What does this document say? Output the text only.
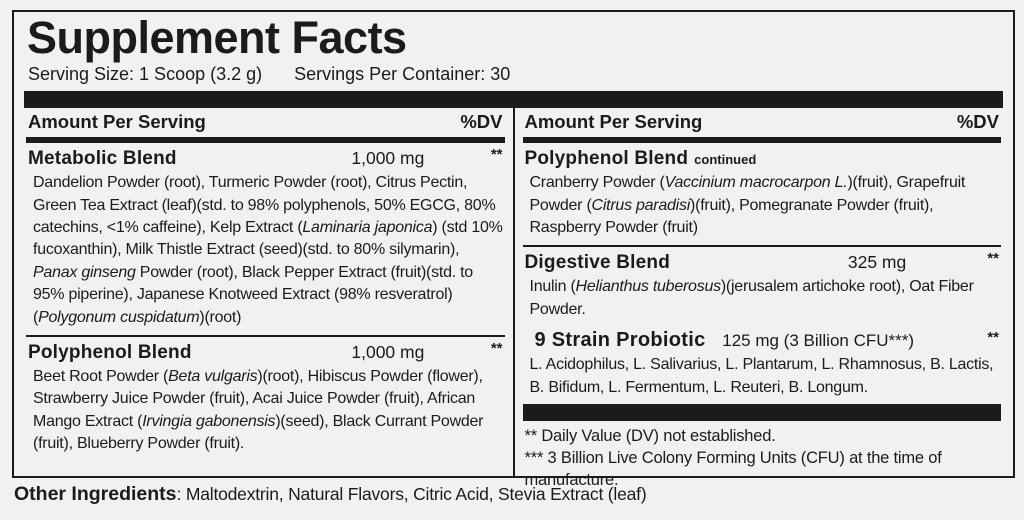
Supplement Facts
Serving Size: 1 Scoop (3.2 g) Servings Per Container: 30
Amount Per Serving	%DV
Metabolic Blend	1,000 mg	**

Dandelion Powder (root), Turmeric Powder (root), Citrus Pectin, Green Tea Extract (leaf)(std. to 98% polyphenols, 50% EGCG, 80% catechins, <1% caffeine), Kelp Extract (Laminaria japonica) (std 10% fucoxanthin), Milk Thistle Extract (seed)(std. to 80% silymarin), Panax ginseng Powder (root), Black Pepper Extract (fruit)(std. to 95% piperine), Japanese Knotweed Extract (98% resveratrol)(Polygonum cuspidatum)(root)

Polyphenol Blend	1,000 mg	**

Beet Root Powder (Beta vulgaris)(root), Hibiscus Powder (flower), Strawberry Juice Powder (fruit), Acai Juice Powder (fruit), African Mango Extract (Irvingia gabonensis)(seed), Black Currant Powder (fruit), Blueberry Powder (fruit).

Amount Per Serving	%DV
Polyphenol Blend continued

Cranberry Powder (Vaccinium macrocarpon L.)(fruit), Grapefruit Powder (Citrus paradisi)(fruit), Pomegranate Powder (fruit), Raspberry Powder (fruit)

Digestive Blend	325 mg	**

Inulin (Helianthus tuberosus)(jerusalem artichoke root), Oat Fiber Powder.

9 Strain Probiotic 125 mg (3 Billion CFU***)	**

L. Acidophilus, L. Salivarius, L. Plantarum, L. Rhamnosus, B. Lactis, B. Bifidum, L. Fermentum, L. Reuteri, B. Longum.

** Daily Value (DV) not established.
*** 3 Billion Live Colony Forming Units (CFU) at the time of manufacture.
Other Ingredients: Maltodextrin, Natural Flavors, Citric Acid, Stevia Extract (leaf)
